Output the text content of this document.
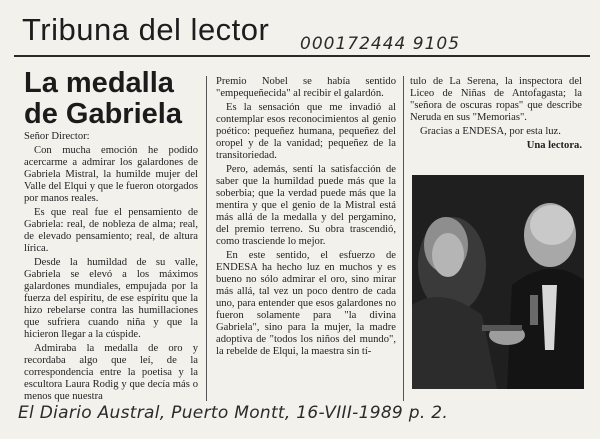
Tribuna del lector 000172444 9105
La medalla
de Gabriela

Señor Director:

Con mucha emoción he podido acercarme a admirar los galardones de Gabriela Mistral, la humilde mujer del Valle del Elqui y que le fueron otorgados por manos reales.

Es que real fue el pensamiento de Gabriela: real, de nobleza de alma; real, de elevado pensamiento; real, de altura lírica.

Desde la humildad de su valle, Gabriela se elevó a los máximos galardones mundiales, empujada por la fuerza del espíritu, de ese espíritu que la hizo rebelarse contra las humillaciones que sufriera cuando niña y que la hicieron llegar a la cúspide.

Admiraba la medalla de oro y recordaba algo que leí, de la correspondencia entre la poetisa y la escultora Laura Rodig y que decía más o menos que nuestra

Premio Nobel se había sentido "empequeñecida" al recibir el galardón.

Es la sensación que me invadió al contemplar esos reconocimientos al genio poético: pequeñez humana, pequeñez del oropel y de la vanidad; pequeñez de la transitoriedad.

Pero, además, sentí la satisfacción de saber que la humildad puede más que la soberbia; que la verdad puede más que la mentira y que el genio de la Mistral está más allá de la medalla y del pergamino, del premio terreno. Su obra trascendió, como trasciende lo mejor.

En este sentido, el esfuerzo de ENDESA ha hecho luz en muchos y es bueno no sólo admirar el oro, sino mirar más allá, tal vez un poco dentro de cada uno, para entender que esos galardones no fueron solamente para "la divina Gabriela", sino para la mujer, la madre adoptiva de "todos los niños del mundo", la rebelde de Elqui, la maestra sin tí-

tulo de La Serena, la inspectora del Liceo de Niñas de Antofagasta; la "señora de oscuras ropas" que describe Neruda en sus "Memorias".

Gracias a ENDESA, por esta luz.

Una lectora.
El Diario Austral, Puerto Montt, 16-VIII-1989 p. 2.
